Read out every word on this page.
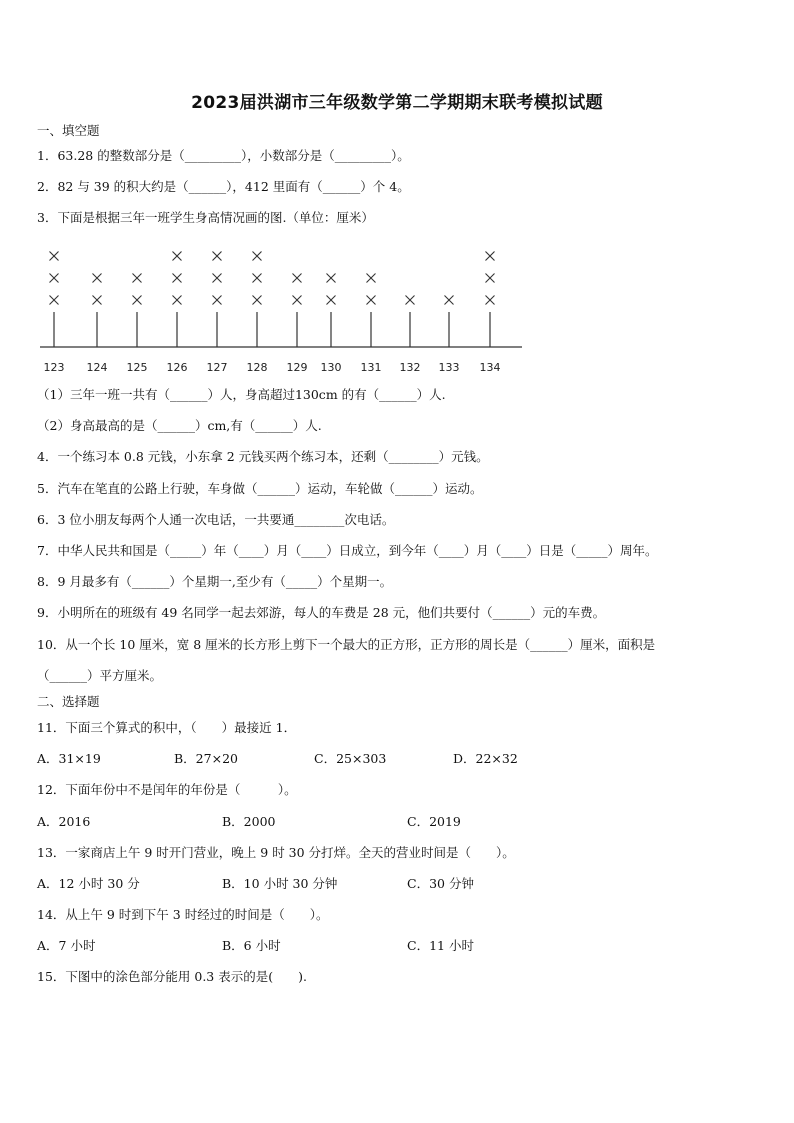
2023届洪湖市三年级数学第二学期期末联考模拟试题
一、填空题
1．63.28 的整数部分是（_________），小数部分是（_________）。
2．82 与 39 的积大约是（______），412 里面有（______）个 4。
3．下面是根据三年一班学生身高情况画的图.（单位：厘米）
123 124 125 126 127 128 129 130 131 132 133 134
（1）三年一班一共有（______）人，身高超过130cm 的有（______）人.
（2）身高最高的是（______）cm,有（______）人.
4．一个练习本 0.8 元钱，小东拿 2 元钱买两个练习本，还剩（________）元钱。
5．汽车在笔直的公路上行驶，车身做（______）运动，车轮做（______）运动。
6．3 位小朋友每两个人通一次电话，一共要通________次电话。
7．中华人民共和国是（_____）年（____）月（____）日成立，到今年（____）月（____）日是（_____）周年。
8．9 月最多有（______）个星期一,至少有（_____）个星期一。
9．小明所在的班级有 49 名同学一起去郊游，每人的车费是 28 元，他们共要付（______）元的车费。
10．从一个长 10 厘米，宽 8 厘米的长方形上剪下一个最大的正方形，正方形的周长是（______）厘米，面积是
（______）平方厘米。
二、选择题
11．下面三个算式的积中，（　　）最接近 1．
A．31×19	B．27×20	C．25×303	D．22×32
12．下面年份中不是闰年的年份是（　　　）。
A．2016	B．2000	C．2019
13．一家商店上午 9 时开门营业，晚上 9 时 30 分打烊。全天的营业时间是（　　）。
A．12 小时 30 分	B．10 小时 30 分钟	C．30 分钟
14．从上午 9 时到下午 3 时经过的时间是（　　）。
A．7 小时	B．6 小时	C．11 小时
15．下图中的涂色部分能用 0.3 表示的是(　　).
